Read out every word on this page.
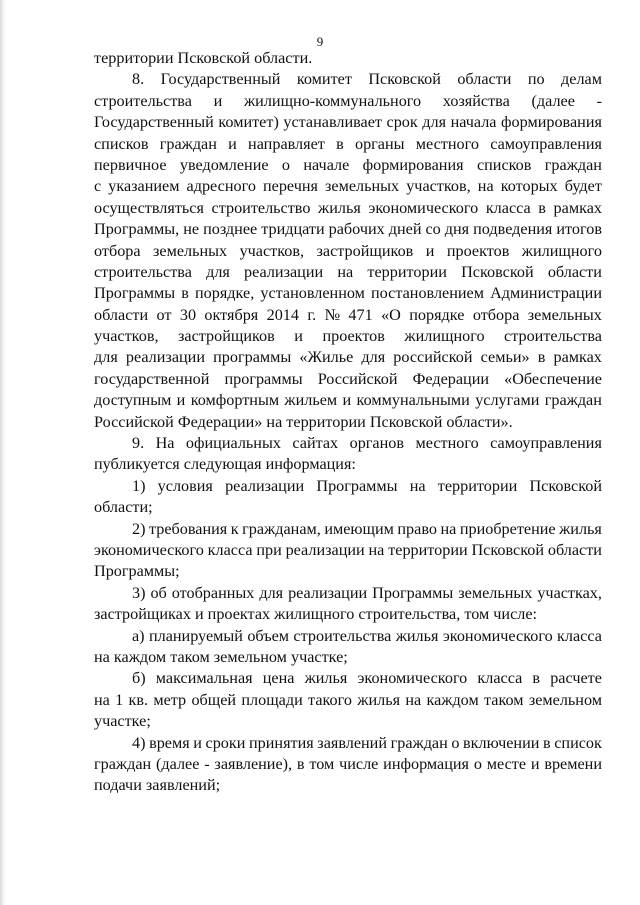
9
территории Псковской области.
8. Государственный комитет Псковской области по делам
строительства и жилищно-коммунального хозяйства (далее -
Государственный комитет) устанавливает срок для начала формирования
списков граждан и направляет в органы местного самоуправления
первичное уведомление о начале формирования списков граждан
с указанием адресного перечня земельных участков, на которых будет
осуществляться строительство жилья экономического класса в рамках
Программы, не позднее тридцати рабочих дней со дня подведения итогов
отбора земельных участков, застройщиков и проектов жилищного
строительства для реализации на территории Псковской области
Программы в порядке, установленном постановлением Администрации
области от 30 октября 2014 г. № 471 «О порядке отбора земельных
участков, застройщиков и проектов жилищного строительства
для реализации программы «Жилье для российской семьи» в рамках
государственной программы Российской Федерации «Обеспечение
доступным и комфортным жильем и коммунальными услугами граждан
Российской Федерации» на территории Псковской области».
9. На официальных сайтах органов местного самоуправления
публикуется следующая информация:
1) условия реализации Программы на территории Псковской
области;
2) требования к гражданам, имеющим право на приобретение жилья
экономического класса при реализации на территории Псковской области
Программы;
3) об отобранных для реализации Программы земельных участках,
застройщиках и проектах жилищного строительства, том числе:
а) планируемый объем строительства жилья экономического класса
на каждом таком земельном участке;
б) максимальная цена жилья экономического класса в расчете
на 1 кв. метр общей площади такого жилья на каждом таком земельном
участке;
4) время и сроки принятия заявлений граждан о включении в список
граждан (далее - заявление), в том числе информация о месте и времени
подачи заявлений;
